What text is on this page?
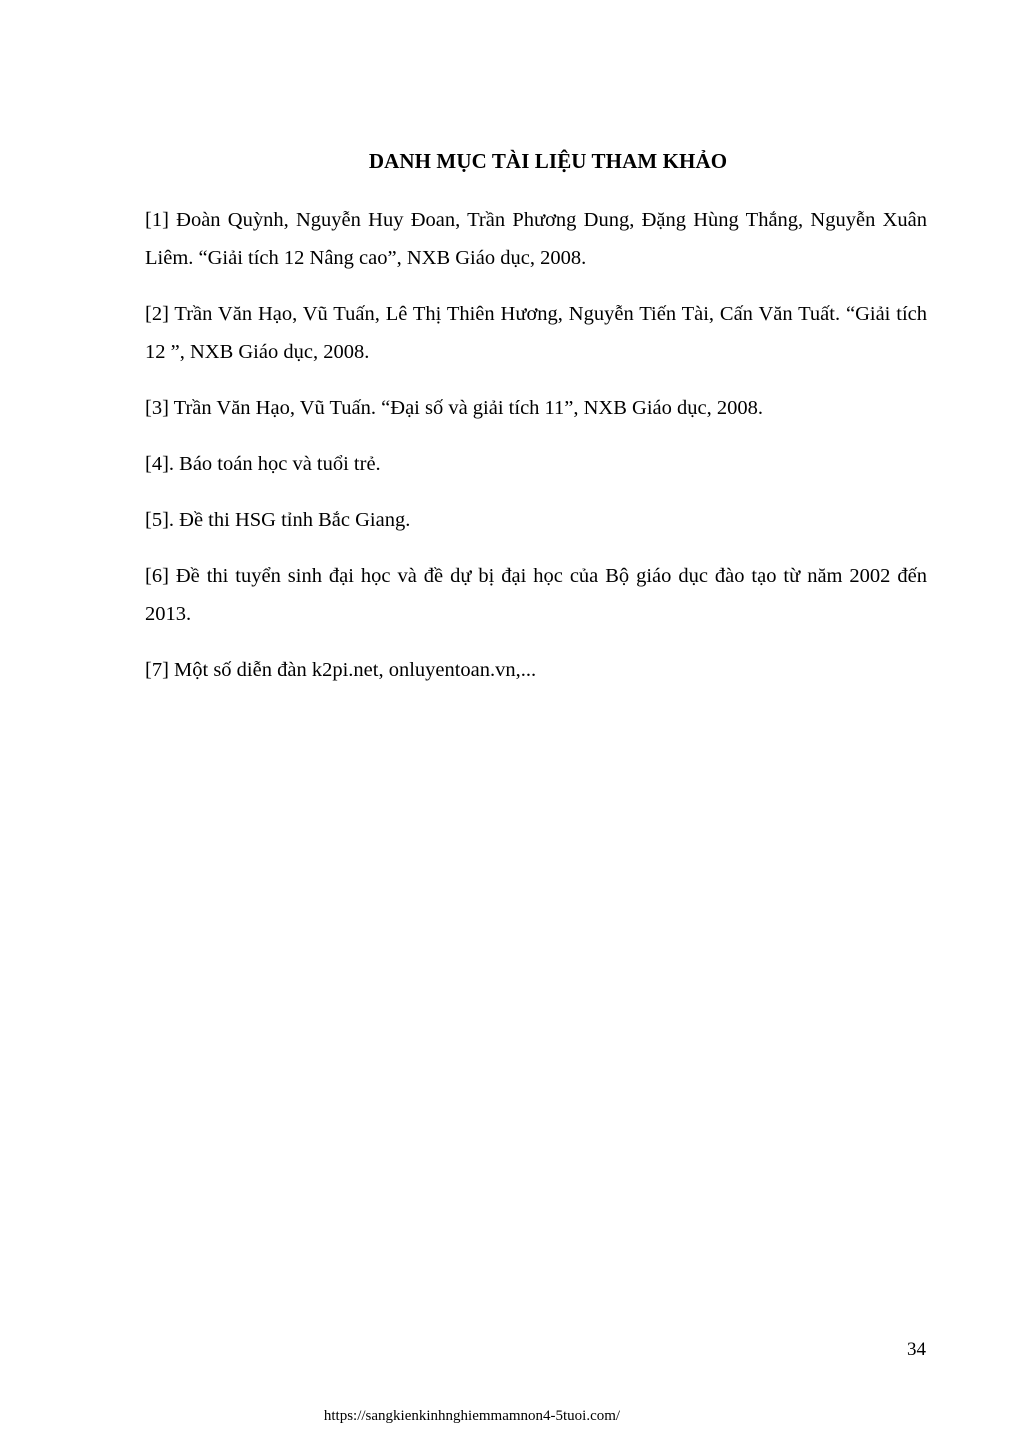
DANH MỤC TÀI LIỆU THAM KHẢO

[1] Đoàn Quỳnh, Nguyễn Huy Đoan, Trần Phương Dung, Đặng Hùng Thắng, Nguyễn Xuân Liêm. “Giải tích 12 Nâng cao”, NXB Giáo dục, 2008.

[2] Trần Văn Hạo, Vũ Tuấn, Lê Thị Thiên Hương, Nguyễn Tiến Tài, Cấn Văn Tuất. “Giải tích 12 ”, NXB Giáo dục, 2008.

[3] Trần Văn Hạo, Vũ Tuấn. “Đại số và giải tích 11”, NXB Giáo dục, 2008.

[4]. Báo toán học và tuổi trẻ.

[5]. Đề thi HSG tỉnh Bắc Giang.

[6] Đề thi tuyển sinh đại học và đề dự bị đại học của Bộ giáo dục đào tạo từ năm 2002 đến 2013.

[7] Một số diễn đàn k2pi.net, onluyentoan.vn,...

34
https://sangkienkinhnghiemmamnon4-5tuoi.com/
